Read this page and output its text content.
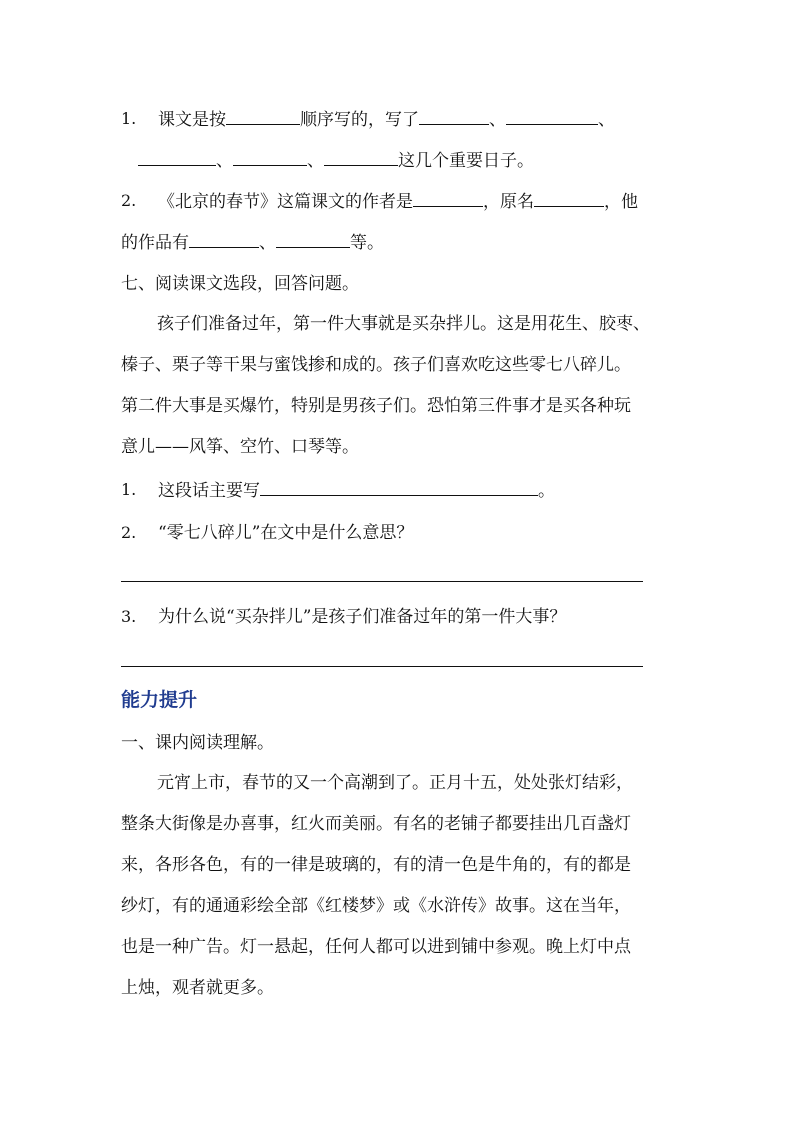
1. 课文是按	顺序写的，写了	、	、
、	、	这几个重要日子。
2. 《北京的春节》这篇课文的作者是	，原名	，他
的作品有	、	等。
七、阅读课文选段，回答问题。
孩子们准备过年，第一件大事就是买杂拌儿。这是用花生、胶枣、
榛子、栗子等干果与蜜饯掺和成的。孩子们喜欢吃这些零七八碎儿。
第二件大事是买爆竹，特别是男孩子们。恐怕第三件事才是买各种玩
意儿——风筝、空竹、口琴等。
1. 这段话主要写	。
2. “零七八碎儿”在文中是什么意思？
3. 为什么说“买杂拌儿”是孩子们准备过年的第一件大事？
能力提升
一、课内阅读理解。
元宵上市，春节的又一个高潮到了。正月十五，处处张灯结彩，
整条大街像是办喜事，红火而美丽。有名的老铺子都要挂出几百盏灯
来，各形各色，有的一律是玻璃的，有的清一色是牛角的，有的都是
纱灯，有的通通彩绘全部《红楼梦》或《水浒传》故事。这在当年，
也是一种广告。灯一悬起，任何人都可以进到铺中参观。晚上灯中点
上烛，观者就更多。
